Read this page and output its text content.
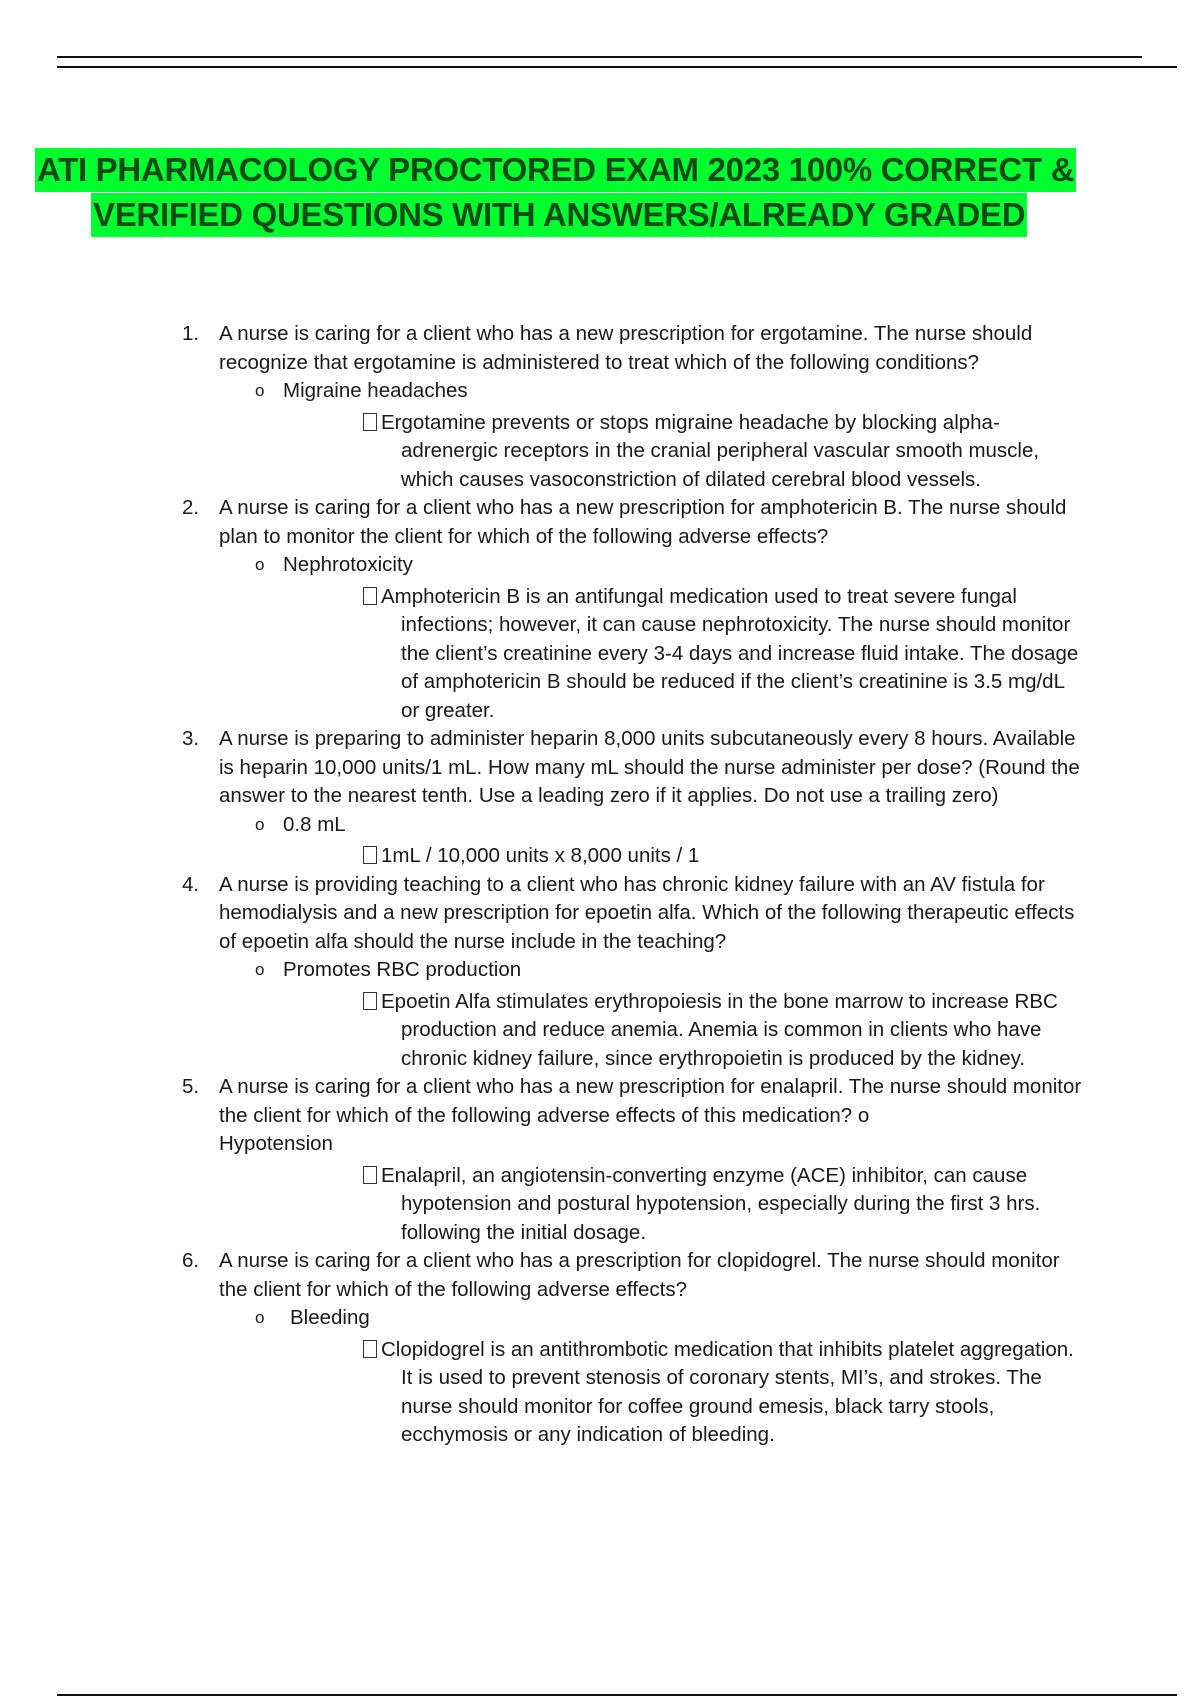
ATI PHARMACOLOGY PROCTORED EXAM 2023 100% CORRECT &
VERIFIED QUESTIONS WITH ANSWERS/ALREADY GRADED
1. A nurse is caring for a client who has a new prescription for ergotamine. The nurse should recognize that ergotamine is administered to treat which of the following conditions?
o Migraine headaches
Ergotamine prevents or stops migraine headache by blocking alpha-adrenergic receptors in the cranial peripheral vascular smooth muscle, which causes vasoconstriction of dilated cerebral blood vessels.
2. A nurse is caring for a client who has a new prescription for amphotericin B. The nurse should plan to monitor the client for which of the following adverse effects?
o Nephrotoxicity
Amphotericin B is an antifungal medication used to treat severe fungal infections; however, it can cause nephrotoxicity. The nurse should monitor the client’s creatinine every 3-4 days and increase fluid intake. The dosage of amphotericin B should be reduced if the client’s creatinine is 3.5 mg/dL or greater.
3. A nurse is preparing to administer heparin 8,000 units subcutaneously every 8 hours. Available is heparin 10,000 units/1 mL. How many mL should the nurse administer per dose? (Round the answer to the nearest tenth. Use a leading zero if it applies. Do not use a trailing zero)
o 0.8 mL
1mL / 10,000 units x 8,000 units / 1
4. A nurse is providing teaching to a client who has chronic kidney failure with an AV fistula for hemodialysis and a new prescription for epoetin alfa. Which of the following therapeutic effects of epoetin alfa should the nurse include in the teaching?
o Promotes RBC production
Epoetin Alfa stimulates erythropoiesis in the bone marrow to increase RBC production and reduce anemia. Anemia is common in clients who have chronic kidney failure, since erythropoietin is produced by the kidney.
5. A nurse is caring for a client who has a new prescription for enalapril. The nurse should monitor the client for which of the following adverse effects of this medication? o
Hypotension
Enalapril, an angiotensin-converting enzyme (ACE) inhibitor, can cause hypotension and postural hypotension, especially during the first 3 hrs. following the initial dosage.
6. A nurse is caring for a client who has a prescription for clopidogrel. The nurse should monitor the client for which of the following adverse effects?
o Bleeding
Clopidogrel is an antithrombotic medication that inhibits platelet aggregation. It is used to prevent stenosis of coronary stents, MI’s, and strokes. The nurse should monitor for coffee ground emesis, black tarry stools, ecchymosis or any indication of bleeding.
